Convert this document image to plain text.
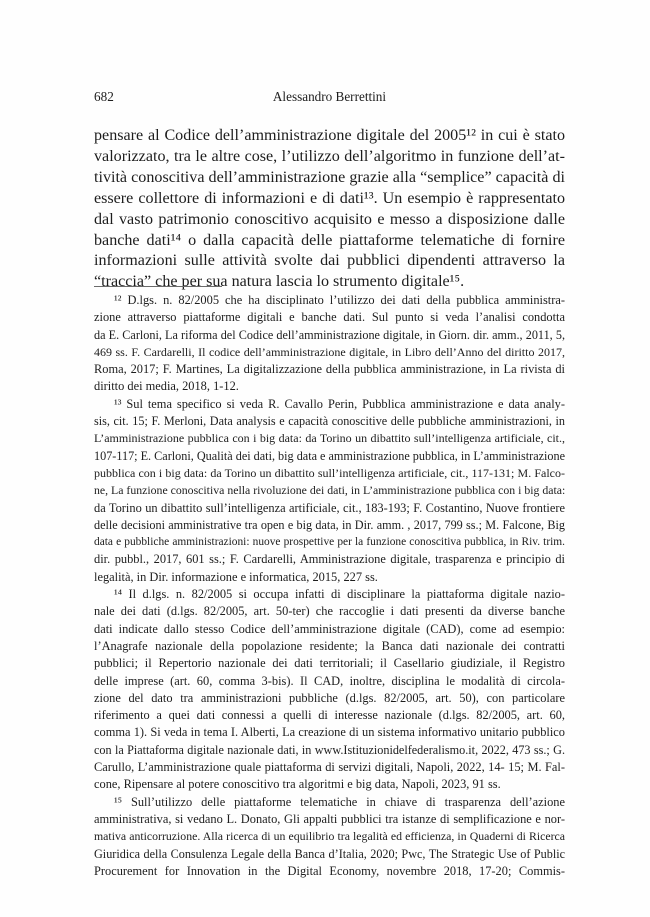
682	Alessandro Berrettini
pensare al Codice dell’amministrazione digitale del 2005¹² in cui è stato
valorizzato, tra le altre cose, l’utilizzo dell’algoritmo in funzione dell’at-
tività conoscitiva dell’amministrazione grazie alla “semplice” capacità di
essere collettore di informazioni e di dati¹³. Un esempio è rappresentato
dal vasto patrimonio conoscitivo acquisito e messo a disposizione dalle
banche dati¹⁴ o dalla capacità delle piattaforme telematiche di fornire
informazioni sulle attività svolte dai pubblici dipendenti attraverso la
“traccia” che per sua natura lascia lo strumento digitale¹⁵.
¹² D.lgs. n. 82/2005 che ha disciplinato l’utilizzo dei dati della pubblica amministra-
zione attraverso piattaforme digitali e banche dati. Sul punto si veda l’analisi condotta
da E. Carloni, La riforma del Codice dell’amministrazione digitale, in Giorn. dir. amm., 2011, 5,
469 ss. F. Cardarelli, Il codice dell’amministrazione digitale, in Libro dell’Anno del diritto 2017,
Roma, 2017; F. Martines, La digitalizzazione della pubblica amministrazione, in La rivista di
diritto dei media, 2018, 1-12.
¹³ Sul tema specifico si veda R. Cavallo Perin, Pubblica amministrazione e data analy-
sis, cit. 15; F. Merloni, Data analysis e capacità conoscitive delle pubbliche amministrazioni, in
L’amministrazione pubblica con i big data: da Torino un dibattito sull’intelligenza artificiale, cit.,
107-117; E. Carloni, Qualità dei dati, big data e amministrazione pubblica, in L’amministrazione
pubblica con i big data: da Torino un dibattito sull’intelligenza artificiale, cit., 117-131; M. Falco-
ne, La funzione conoscitiva nella rivoluzione dei dati, in L’amministrazione pubblica con i big data:
da Torino un dibattito sull’intelligenza artificiale, cit., 183-193; F. Costantino, Nuove frontiere
delle decisioni amministrative tra open e big data, in Dir. amm. , 2017, 799 ss.; M. Falcone, Big
data e pubbliche amministrazioni: nuove prospettive per la funzione conoscitiva pubblica, in Riv. trim.
dir. pubbl., 2017, 601 ss.; F. Cardarelli, Amministrazione digitale, trasparenza e principio di
legalità, in Dir. informazione e informatica, 2015, 227 ss.
¹⁴ Il d.lgs. n. 82/2005 si occupa infatti di disciplinare la piattaforma digitale nazio-
nale dei dati (d.lgs. 82/2005, art. 50-ter) che raccoglie i dati presenti da diverse banche
dati indicate dallo stesso Codice dell’amministrazione digitale (CAD), come ad esempio:
l’Anagrafe nazionale della popolazione residente; la Banca dati nazionale dei contratti
pubblici; il Repertorio nazionale dei dati territoriali; il Casellario giudiziale, il Registro
delle imprese (art. 60, comma 3-bis). Il CAD, inoltre, disciplina le modalità di circola-
zione del dato tra amministrazioni pubbliche (d.lgs. 82/2005, art. 50), con particolare
riferimento a quei dati connessi a quelli di interesse nazionale (d.lgs. 82/2005, art. 60,
comma 1). Si veda in tema I. Alberti, La creazione di un sistema informativo unitario pubblico
con la Piattaforma digitale nazionale dati, in www.Istituzionidelfederalismo.it, 2022, 473 ss.; G.
Carullo, L’amministrazione quale piattaforma di servizi digitali, Napoli, 2022, 14- 15; M. Fal-
cone, Ripensare al potere conoscitivo tra algoritmi e big data, Napoli, 2023, 91 ss.
¹⁵ Sull’utilizzo delle piattaforme telematiche in chiave di trasparenza dell’azione
amministrativa, si vedano L. Donato, Gli appalti pubblici tra istanze di semplificazione e nor-
mativa anticorruzione. Alla ricerca di un equilibrio tra legalità ed efficienza, in Quaderni di Ricerca
Giuridica della Consulenza Legale della Banca d’Italia, 2020; Pwc, The Strategic Use of Public
Procurement for Innovation in the Digital Economy, novembre 2018, 17-20; Commis-
